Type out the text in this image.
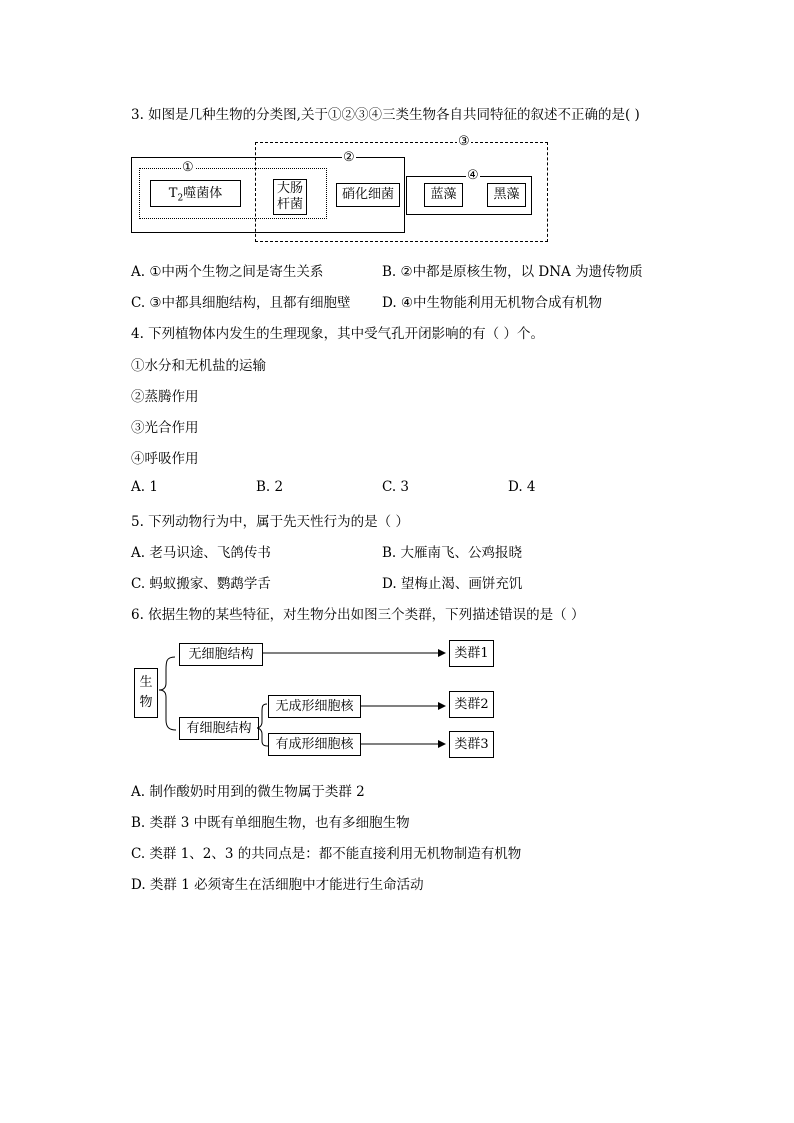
3. 如图是几种生物的分类图,关于①②③④三类生物各自共同特征的叙述不正确的是( )
①
②
③
④
$T_2$噬菌体	大肠
杆菌
硝化细菌	蓝藻	黑藻
A. ①中两个生物之间是寄生关系	B. ②中都是原核生物，以 DNA 为遗传物质
C. ③中都具细胞结构，且都有细胞壁 D. ④中生物能利用无机物合成有机物
4. 下列植物体内发生的生理现象，其中受气孔开闭影响的有（ ）个。
①水分和无机盐的运输
②蒸腾作用
③光合作用
④呼吸作用
A. 1	B. 2	C. 3	D. 4
5. 下列动物行为中，属于先天性行为的是（ ）
A. 老马识途、飞鸽传书	B. 大雁南飞、公鸡报晓
C. 蚂蚁搬家、鹦鹉学舌	D. 望梅止渴、画饼充饥
6. 依据生物的某些特征，对生物分出如图三个类群，下列描述错误的是（ ）
生
物
无细胞结构
有细胞结构
无成形细胞核
有成形细胞核
类群1
类群2
类群3
A. 制作酸奶时用到的微生物属于类群 2
B. 类群 3 中既有单细胞生物，也有多细胞生物
C. 类群 1、2、3 的共同点是：都不能直接利用无机物制造有机物
D. 类群 1 必须寄生在活细胞中才能进行生命活动
